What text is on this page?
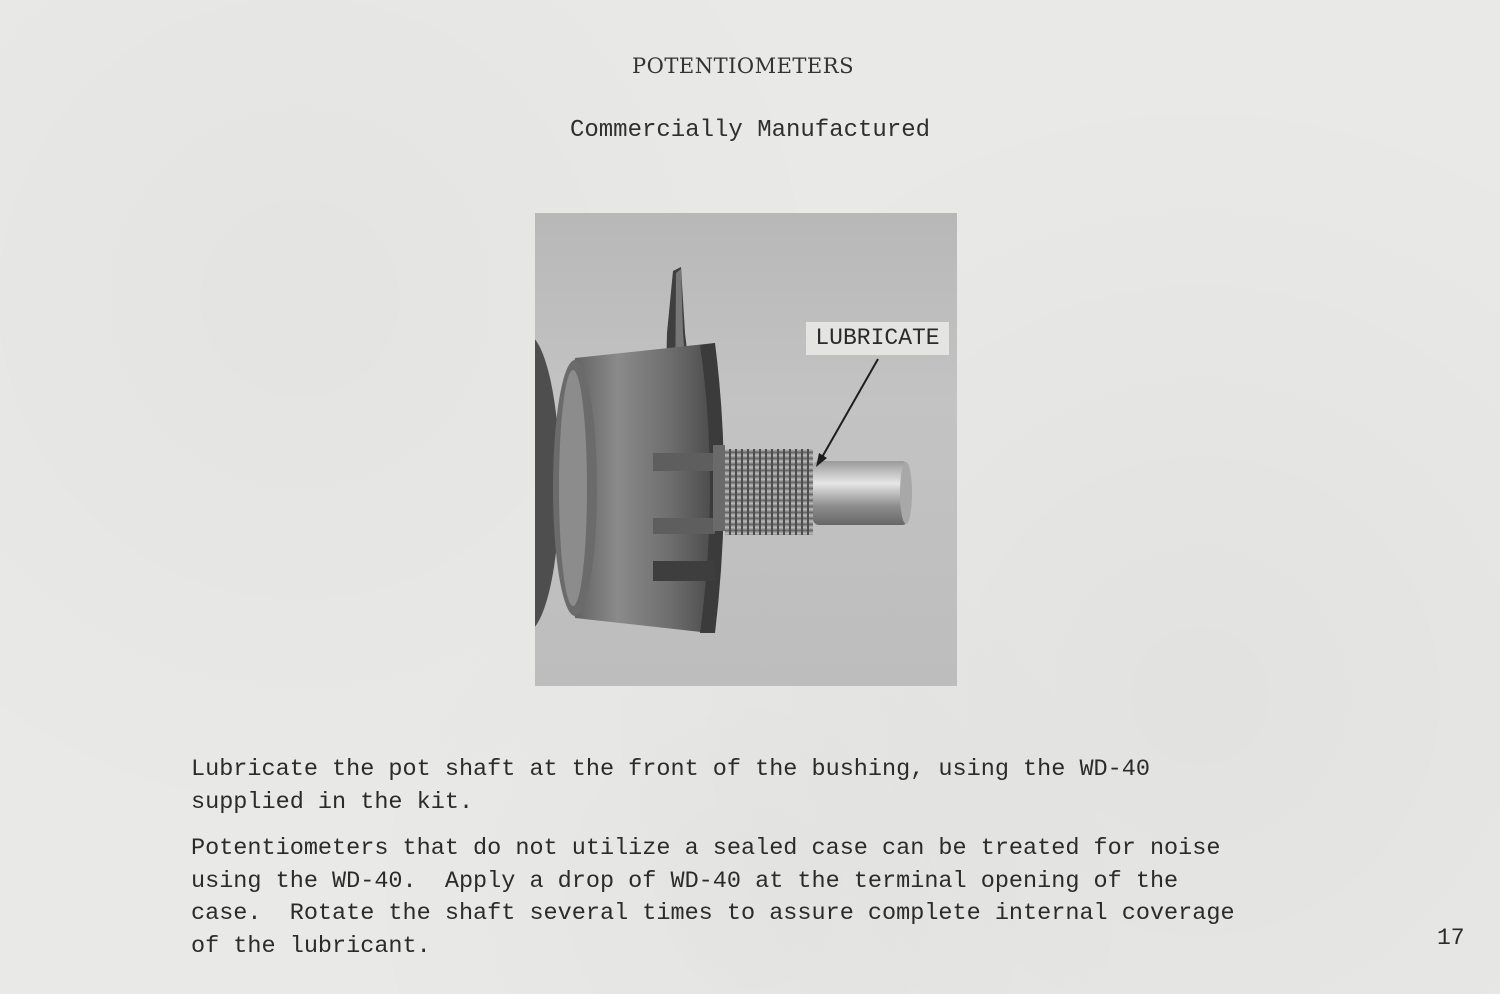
POTENTIOMETERS
Commercially Manufactured
LUBRICATE

Lubricate the pot shaft at the front of the bushing, using the WD-40
supplied in the kit.

Potentiometers that do not utilize a sealed case can be treated for noise
using the WD-40.  Apply a drop of WD-40 at the terminal opening of the
case.  Rotate the shaft several times to assure complete internal coverage
of the lubricant.	17
